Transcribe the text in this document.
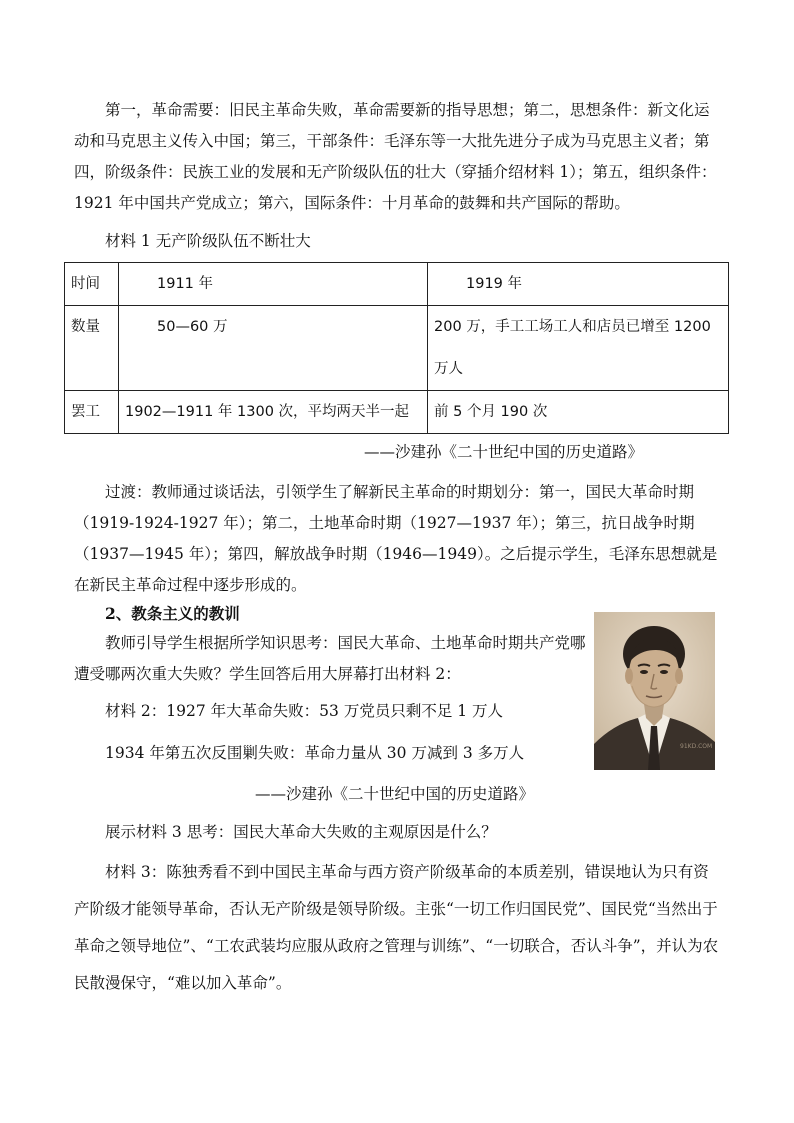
第一，革命需要：旧民主革命失败，革命需要新的指导思想；第二，思想条件：新文化运动和马克思主义传入中国；第三，干部条件：毛泽东等一大批先进分子成为马克思主义者；第四，阶级条件：民族工业的发展和无产阶级队伍的壮大（穿插介绍材料 1）；第五，组织条件：1921 年中国共产党成立；第六，国际条件：十月革命的鼓舞和共产国际的帮助。

材料 1 无产阶级队伍不断壮大
时间	1911 年	1919 年

数量	50—60 万	200 万，手工工场工人和店员已增至 1200 万人

罢工	1902—1911 年 1300 次，平均两天半一起	前 5 个月 190 次
——沙建孙《二十世纪中国的历史道路》

过渡：教师通过谈话法，引领学生了解新民主革命的时期划分：第一，国民大革命时期（1919-1924-1927 年）；第二，土地革命时期（1927—1937 年）；第三，抗日战争时期（1937—1945 年）；第四，解放战争时期（1946—1949）。之后提示学生，毛泽东思想就是在新民主革命过程中逐步形成的。

2、教条主义的教训

教师引导学生根据所学知识思考：国民大革命、土地革命时期共产党哪遭受哪两次重大失败？学生回答后用大屏幕打出材料 2：

材料 2：1927 年大革命失败：53 万党员只剩不足 1 万人
1934 年第五次反围剿失败：革命力量从 30 万减到 3 多万人
——沙建孙《二十世纪中国的历史道路》
展示材料 3 思考：国民大革命大失败的主观原因是什么？

材料 3：陈独秀看不到中国民主革命与西方资产阶级革命的本质差别，错误地认为只有资产阶级才能领导革命，否认无产阶级是领导阶级。主张“一切工作归国民党”、国民党“当然出于革命之领导地位”、“工农武装均应服从政府之管理与训练”、“一切联合，否认斗争”，并认为农民散漫保守，“难以加入革命”。

91KD.COM
